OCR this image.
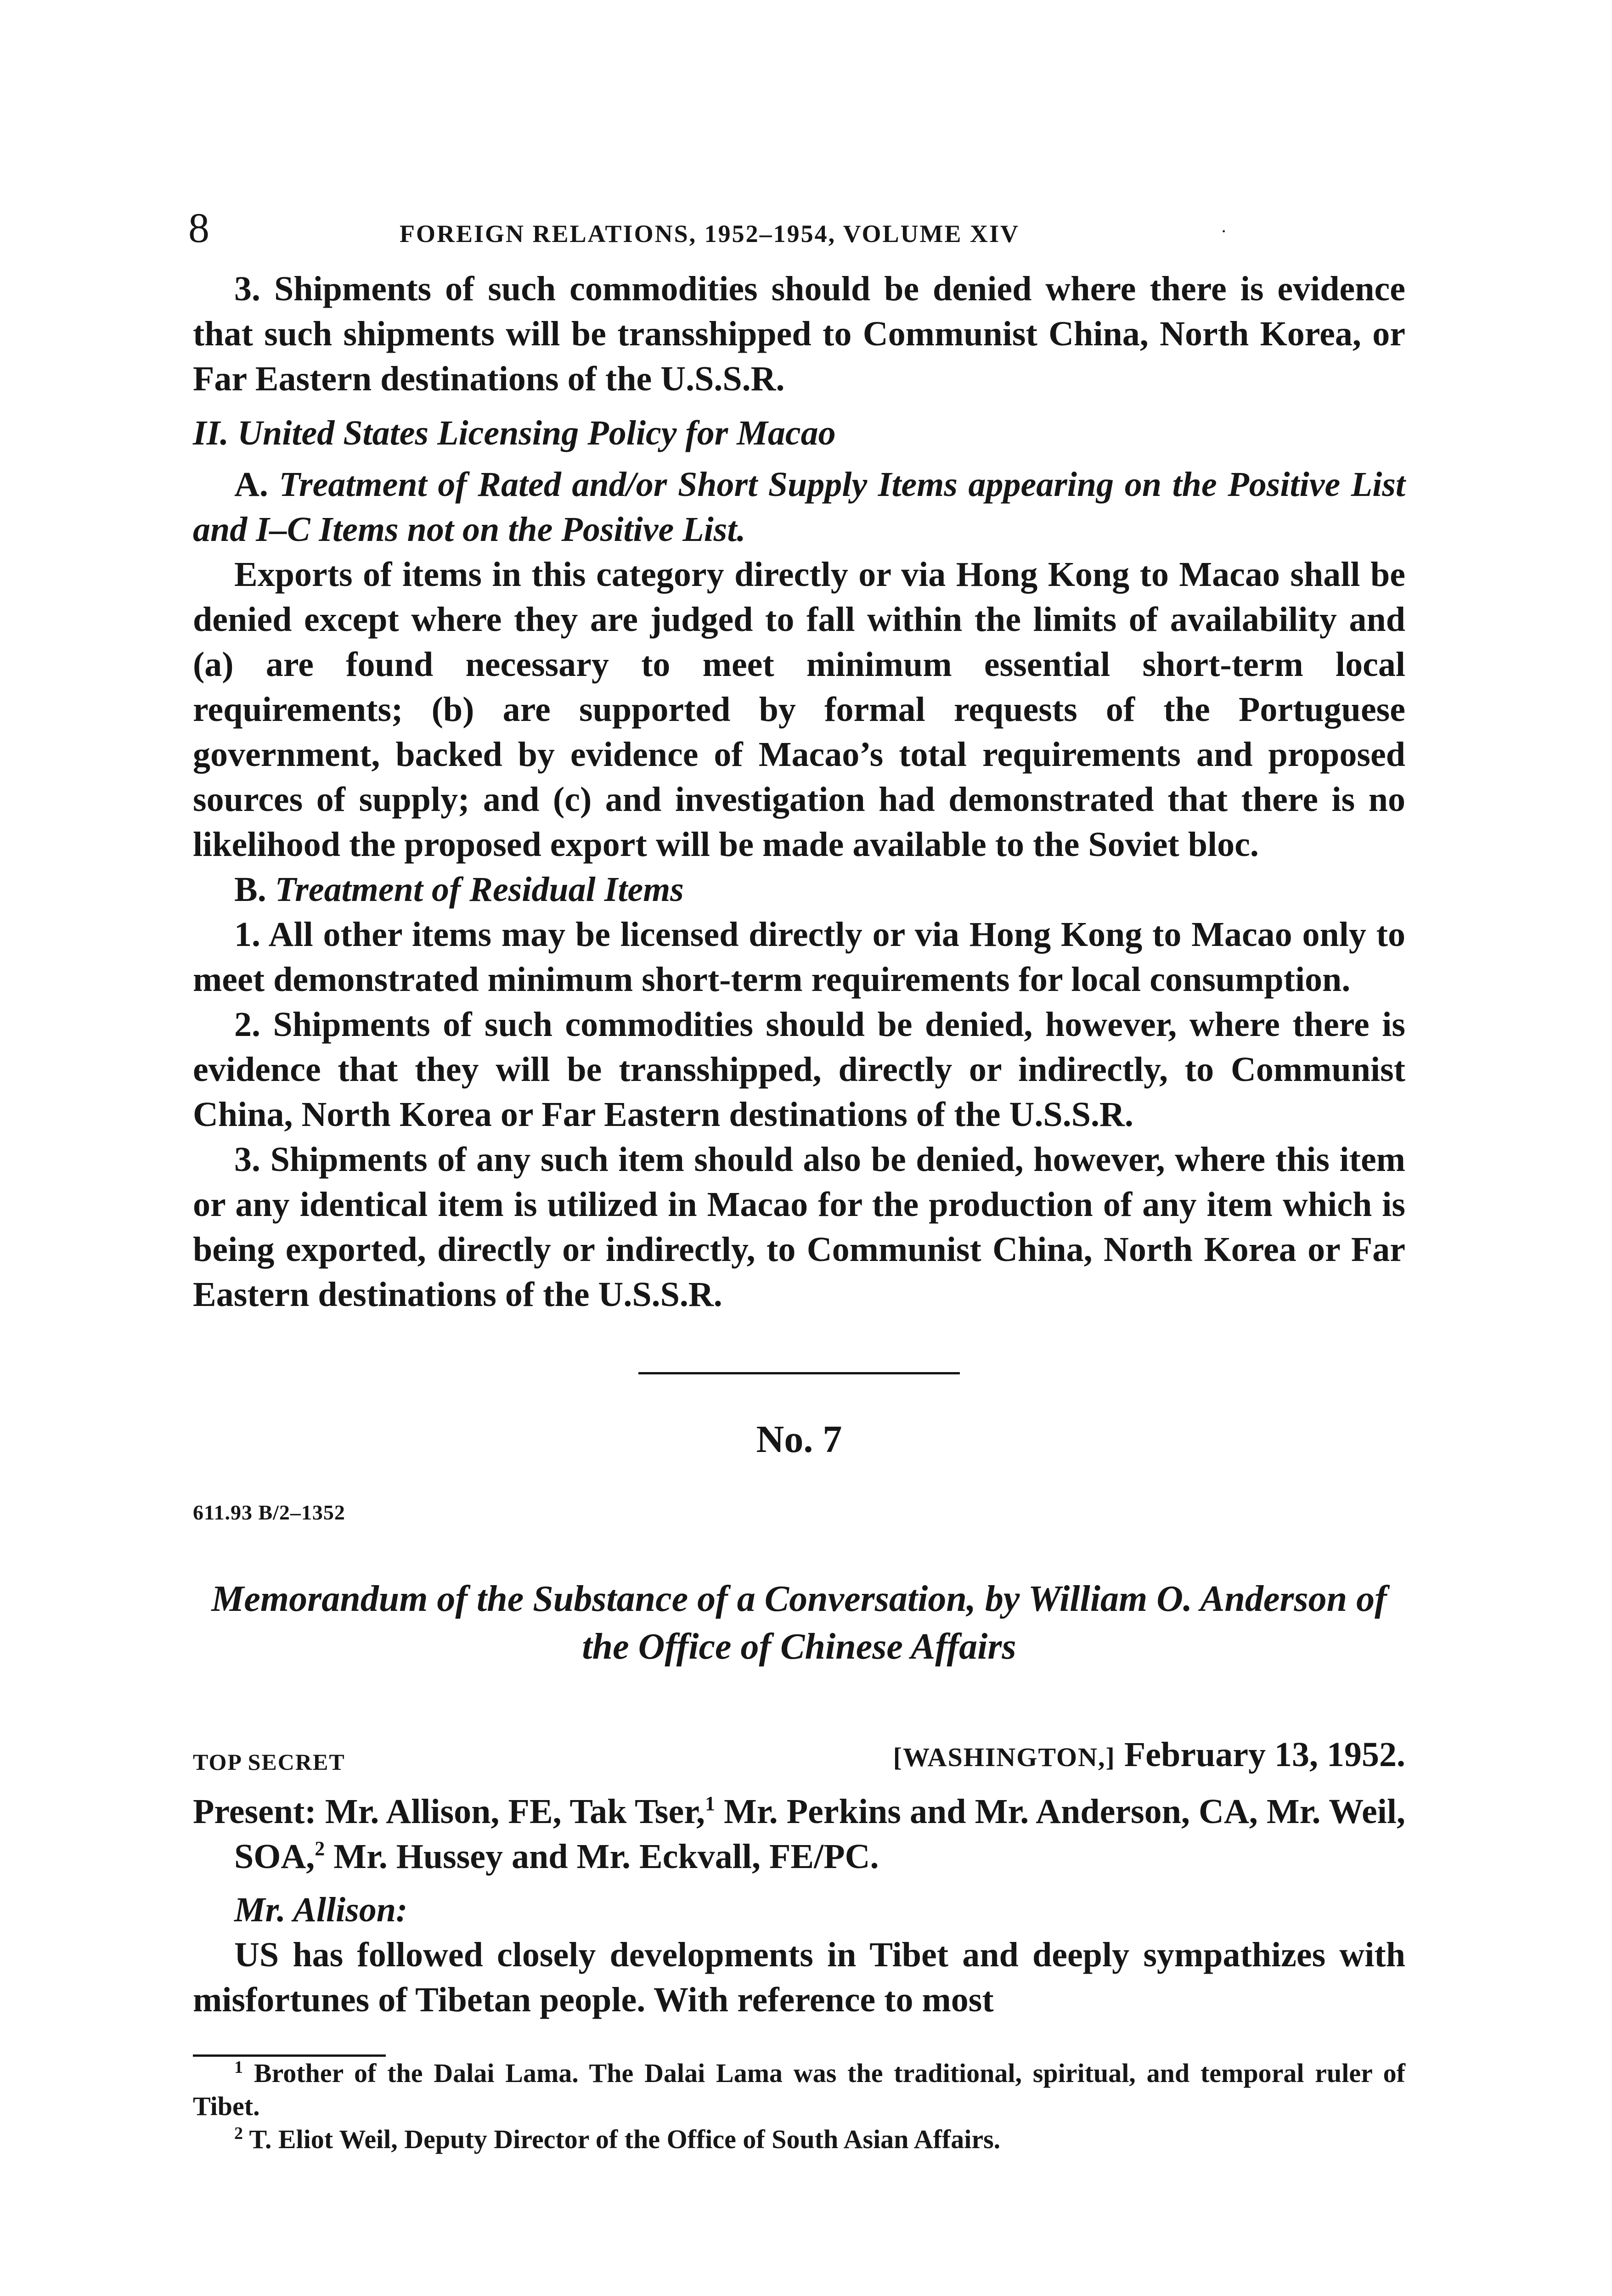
8	FOREIGN RELATIONS, 1952–1954, VOLUME XIV	·

3. Shipments of such commodities should be denied where there is evidence that such shipments will be transshipped to Communist China, North Korea, or Far Eastern destinations of the U.S.S.R.

II. United States Licensing Policy for Macao
A. Treatment of Rated and/or Short Supply Items appearing on the Positive List and I–C Items not on the Positive List.

Exports of items in this category directly or via Hong Kong to Macao shall be denied except where they are judged to fall within the limits of availability and (a) are found necessary to meet minimum essential short-term local requirements; (b) are supported by formal requests of the Portuguese government, backed by evidence of Macao’s total requirements and proposed sources of supply; and (c) and investigation had demonstrated that there is no likelihood the proposed export will be made available to the Soviet bloc.

B. Treatment of Residual Items

1. All other items may be licensed directly or via Hong Kong to Macao only to meet demonstrated minimum short-term requirements for local consumption.

2. Shipments of such commodities should be denied, however, where there is evidence that they will be transshipped, directly or indirectly, to Communist China, North Korea or Far Eastern destinations of the U.S.S.R.

3. Shipments of any such item should also be denied, however, where this item or any identical item is utilized in Macao for the production of any item which is being exported, directly or indirectly, to Communist China, North Korea or Far Eastern destinations of the U.S.S.R.

No. 7
611.93 B/2–1352
Memorandum of the Substance of a Conversation, by William O. Anderson of the Office of Chinese Affairs
TOP SECRET	[WASHINGTON,] February 13, 1952.
Present: Mr. Allison, FE, Tak Tser,$^1$ Mr. Perkins and Mr. Anderson, CA, Mr. Weil, SOA,$^2$ Mr. Hussey and Mr. Eckvall, FE/PC.
Mr. Allison:

US has followed closely developments in Tibet and deeply sympathizes with misfortunes of Tibetan people. With reference to most

$^1$ Brother of the Dalai Lama. The Dalai Lama was the traditional, spiritual, and temporal ruler of Tibet.

$^2$ T. Eliot Weil, Deputy Director of the Office of South Asian Affairs.
